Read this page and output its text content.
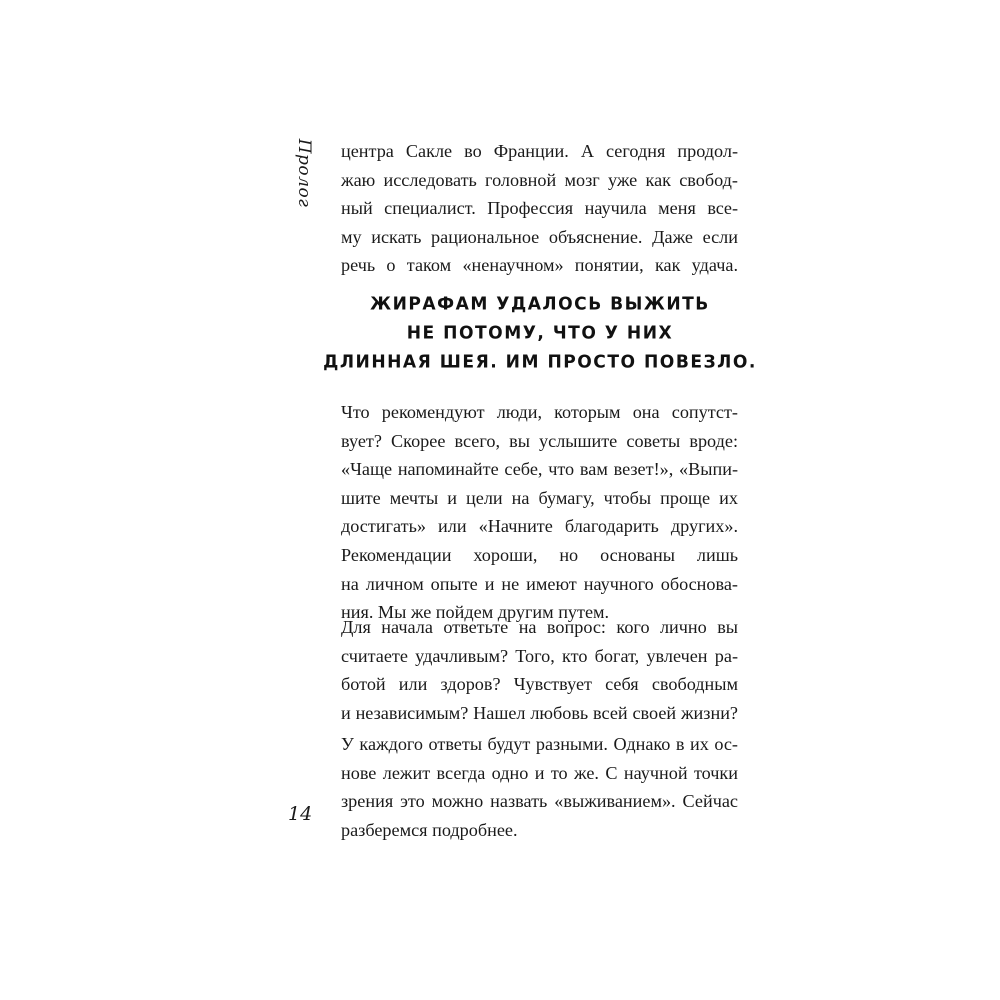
Пролог центра Сакле во Франции. А сегодня продол-
жаю исследовать головной мозг уже как свобод-
ный специалист. Профессия научила меня всe-
му искать рациональное объяснение. Даже если
речь о таком «ненаучном» понятии, как удача.

ЖИРАФАМ УДАЛОСЬ ВЫЖИТЬ
НЕ ПОТОМУ, ЧТО У НИХ
ДЛИННАЯ ШЕЯ. ИМ ПРОСТО ПОВЕЗЛО.

Что рекомендуют люди, которым она сопутст-
вует? Скорее всего, вы услышите советы вроде:
«Чаще напоминайте себе, что вам везет!», «Выпи-
шите мечты и цели на бумагу, чтобы проще их
достигать» или «Начните благодарить других».
Рекомендации хороши, но основаны лишь
на личном опыте и не имеют научного обоснова-
ния. Мы же пойдем другим путем.

Для начала ответьте на вопрос: кого лично вы
считаете удачливым? Того, кто богат, увлечен ра-
ботой или здоров? Чувствует себя свободным
и независимым? Нашел любовь всей своей жизни?

У каждого ответы будут разными. Однако в их ос-
нове лежит всегда одно и то же. С научной точки
зрения это можно назвать «выживанием». Сейчас
разберемся подробнее.

14
